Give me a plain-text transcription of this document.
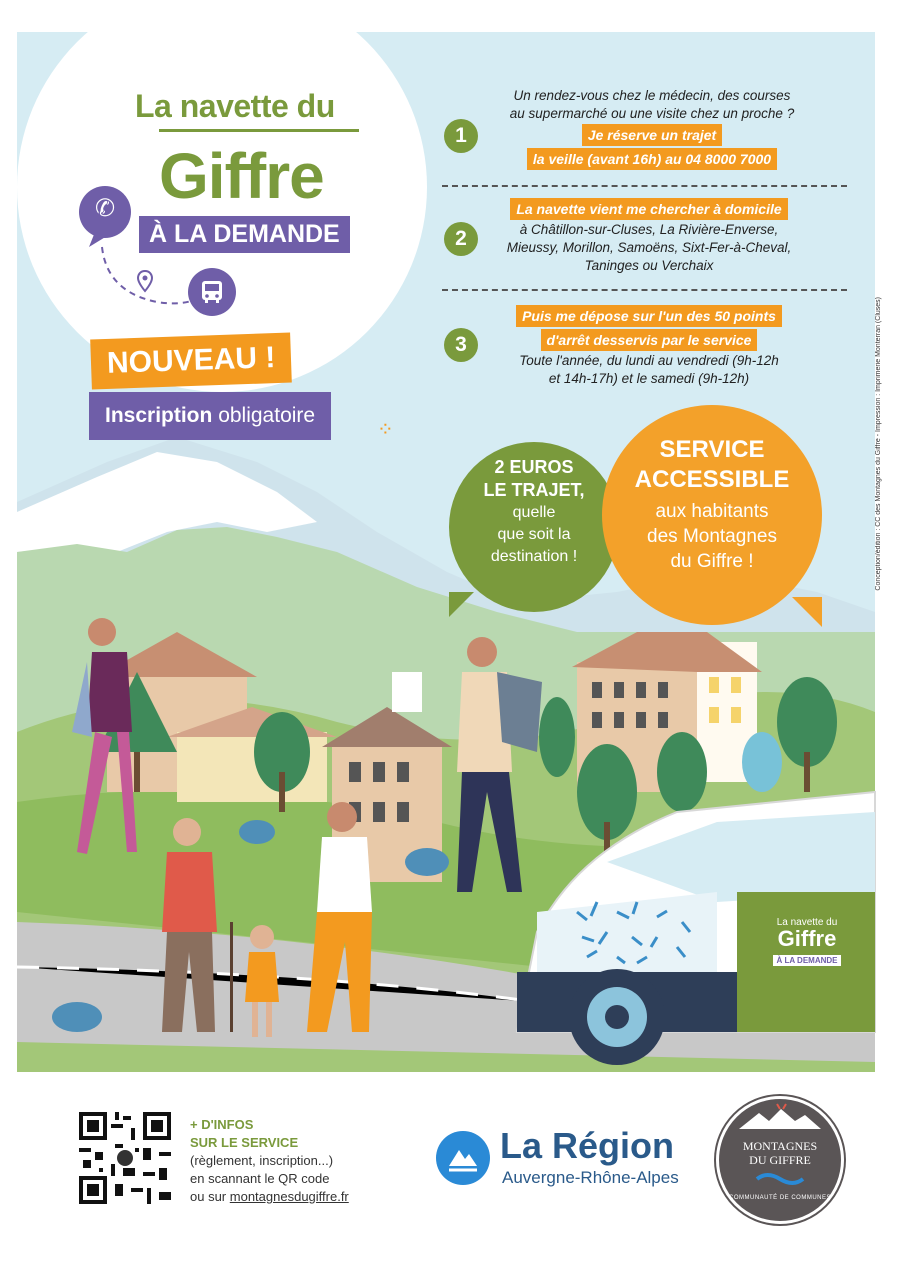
✆
La navette du
Giffre
À LA DEMANDE
NOUVEAU !
Inscription obligatoire
⁘
1
Un rendez-vous chez le médecin, des courses
au supermarché ou une visite chez un proche ?
Je réserve un trajet
la veille (avant 16h) au 04 8000 7000
2
La navette vient me chercher à domicile
à Châtillon-sur-Cluses, La Rivière-Enverse,
Mieussy, Morillon, Samoëns, Sixt-Fer-à-Cheval,
Taninges ou Verchaix
3
Puis me dépose sur l'un des 50 points
d'arrêt desservis par le service
Toute l'année, du lundi au vendredi (9h-12h
et 14h-17h) et le samedi (9h-12h)
2 EUROS
LE TRAJET,
quelle
que soit la
destination !
SERVICE
ACCESSIBLE
aux habitants
des Montagnes
du Giffre !
La navette du
Giffre
À LA DEMANDE
Conception/édition : CC des Montagnes du Giffre - Impression : Imprimerie Monterran (Cluses)
+ D'INFOS
SUR LE SERVICE
(règlement, inscription...)
en scannant le QR code
ou sur montagnesdugiffre.fr
La Région
Auvergne-Rhône-Alpes
MONTAGNES
DU GIFFRE
COMMUNAUTÉ DE COMMUNES
